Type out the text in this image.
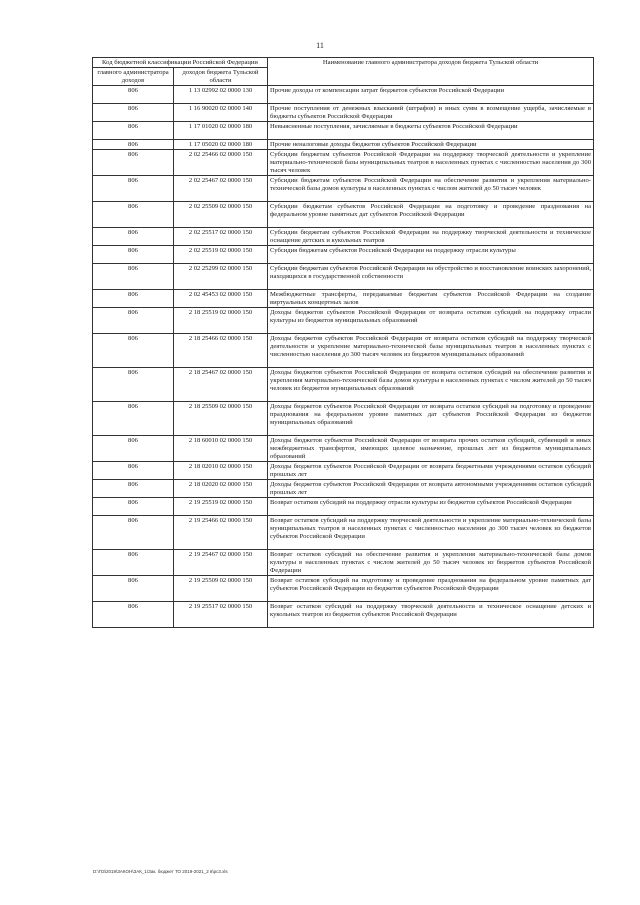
11
Код бюджетной классификации Российской Федерации		Наименование главного администратора доходов бюджета Тульской области
главного администратора доходов	доходов бюджета Тульской области	
806	1 13 02992 02 0000 130	Прочие доходы от компенсации затрат бюджетов субъектов Российской Федерации
806	1 16 90020 02 0000 140	Прочие поступления от денежных взысканий (штрафов) и иных сумм в возмещение ущерба, зачисляемые в бюджеты субъектов Российской Федерации
806	1 17 01020 02 0000 180	Невыясненные поступления, зачисляемые в бюджеты субъектов Российской Федерации
806	1 17 05020 02 0000 180	Прочие неналоговые доходы бюджетов субъектов Российской Федерации
806	2 02 25466 02 0000 150	Субсидии бюджетам субъектов Российской Федерации на поддержку творческой деятельности и укрепление материально-технической базы муниципальных театров в населенных пунктах с численностью населения до 300 тысяч человек
806	2 02 25467 02 0000 150	Субсидии бюджетам субъектов Российской Федерации на обеспечение развития и укрепления материально-технической базы домов культуры в населенных пунктах с числом жителей до 50 тысяч человек
806	2 02 25509 02 0000 150	Субсидии бюджетам субъектов Российской Федерации на подготовку и проведение празднования на федеральном уровне памятных дат субъектов Российской Федерации
806	2 02 25517 02 0000 150	Субсидии бюджетам субъектов Российской Федерации на поддержку творческой деятельности и техническое оснащение детских и кукольных театров
806	2 02 25519 02 0000 150	Субсидия бюджетам субъектов Российской Федерации на поддержку отрасли культуры
806	2 02 25299 02 0000 150	Субсидии бюджетам субъектов Российской Федерации на обустройство и восстановление воинских захоронений, находящихся в государственной собственности
806	2 02 45453 02 0000 150	Межбюджетные трансферты, передаваемые бюджетам субъектов Российской Федерации на создание виртуальных концертных залов
806	2 18 25519 02 0000 150	Доходы бюджетов субъектов Российской Федерации от возврата остатков субсидий на поддержку отрасли культуры из бюджетов муниципальных образований
806	2 18 25466 02 0000 150	Доходы бюджетов субъектов Российской Федерации от возврата остатков субсидий на поддержку творческой деятельности и укрепление материально-технической базы муниципальных театров в населенных пунктах с численностью населения до 300 тысяч человек из бюджетов муниципальных образований
806	2 18 25467 02 0000 150	Доходы бюджетов субъектов Российской Федерации от возврата остатков субсидий на обеспечение развития и укрепления материально-технической базы домов культуры в населенных пунктах с числом жителей до 50 тысяч человек из бюджетов муниципальных образований
806	2 18 25509 02 0000 150	Доходы бюджетов субъектов Российской Федерации от возврата остатков субсидий на подготовку и проведение празднования на федеральном уровне памятных дат субъектов Российской Федерации из бюджетов муниципальных образований
806	2 18 60010 02 0000 150	Доходы бюджетов субъектов Российской Федерации от возврата прочих остатков субсидий, субвенций и иных межбюджетных трансфертов, имеющих целевое назначение, прошлых лет из бюджетов муниципальных образований
806	2 18 02010 02 0000 150	Доходы бюджетов субъектов Российской Федерации от возврата бюджетными учреждениями остатков субсидий прошлых лет
806	2 18 02020 02 0000 150	Доходы бюджетов субъектов Российской Федерации от возврата автономными учреждениями остатков субсидий прошлых лет
806	2 19 25519 02 0000 150	Возврат остатков субсидий на поддержку отрасли культуры из бюджетов субъектов Российской Федерации
806	2 19 25466 02 0000 150	Возврат остатков субсидий на поддержку творческой деятельности и укрепление материально-технической базы муниципальных театров в населенных пунктах с численностью населения до 300 тысяч человек из бюджетов субъектов Российской Федерации
806	2 19 25467 02 0000 150	Возврат остатков субсидий на обеспечение развития и укрепления материально-технической базы домов культуры в населенных пунктах с числом жителей до 50 тысяч человек из бюджетов субъектов Российской Федерации
806	2 19 25509 02 0000 150	Возврат остатков субсидий на подготовку и проведение празднования на федеральном уровне памятных дат субъектов Российской Федерации из бюджетов субъектов Российской Федерации
806	2 19 25517 02 0000 150	Возврат остатков субсидий на поддержку творческой деятельности и техническое оснащение детских и кукольных театров из бюджетов субъектов Российской Федерации
D:\ПЗ\2019\ЗАКОН\ЗАК_1\Зак. бюджет ТО 2019-2021_2 в\рс3.xls
